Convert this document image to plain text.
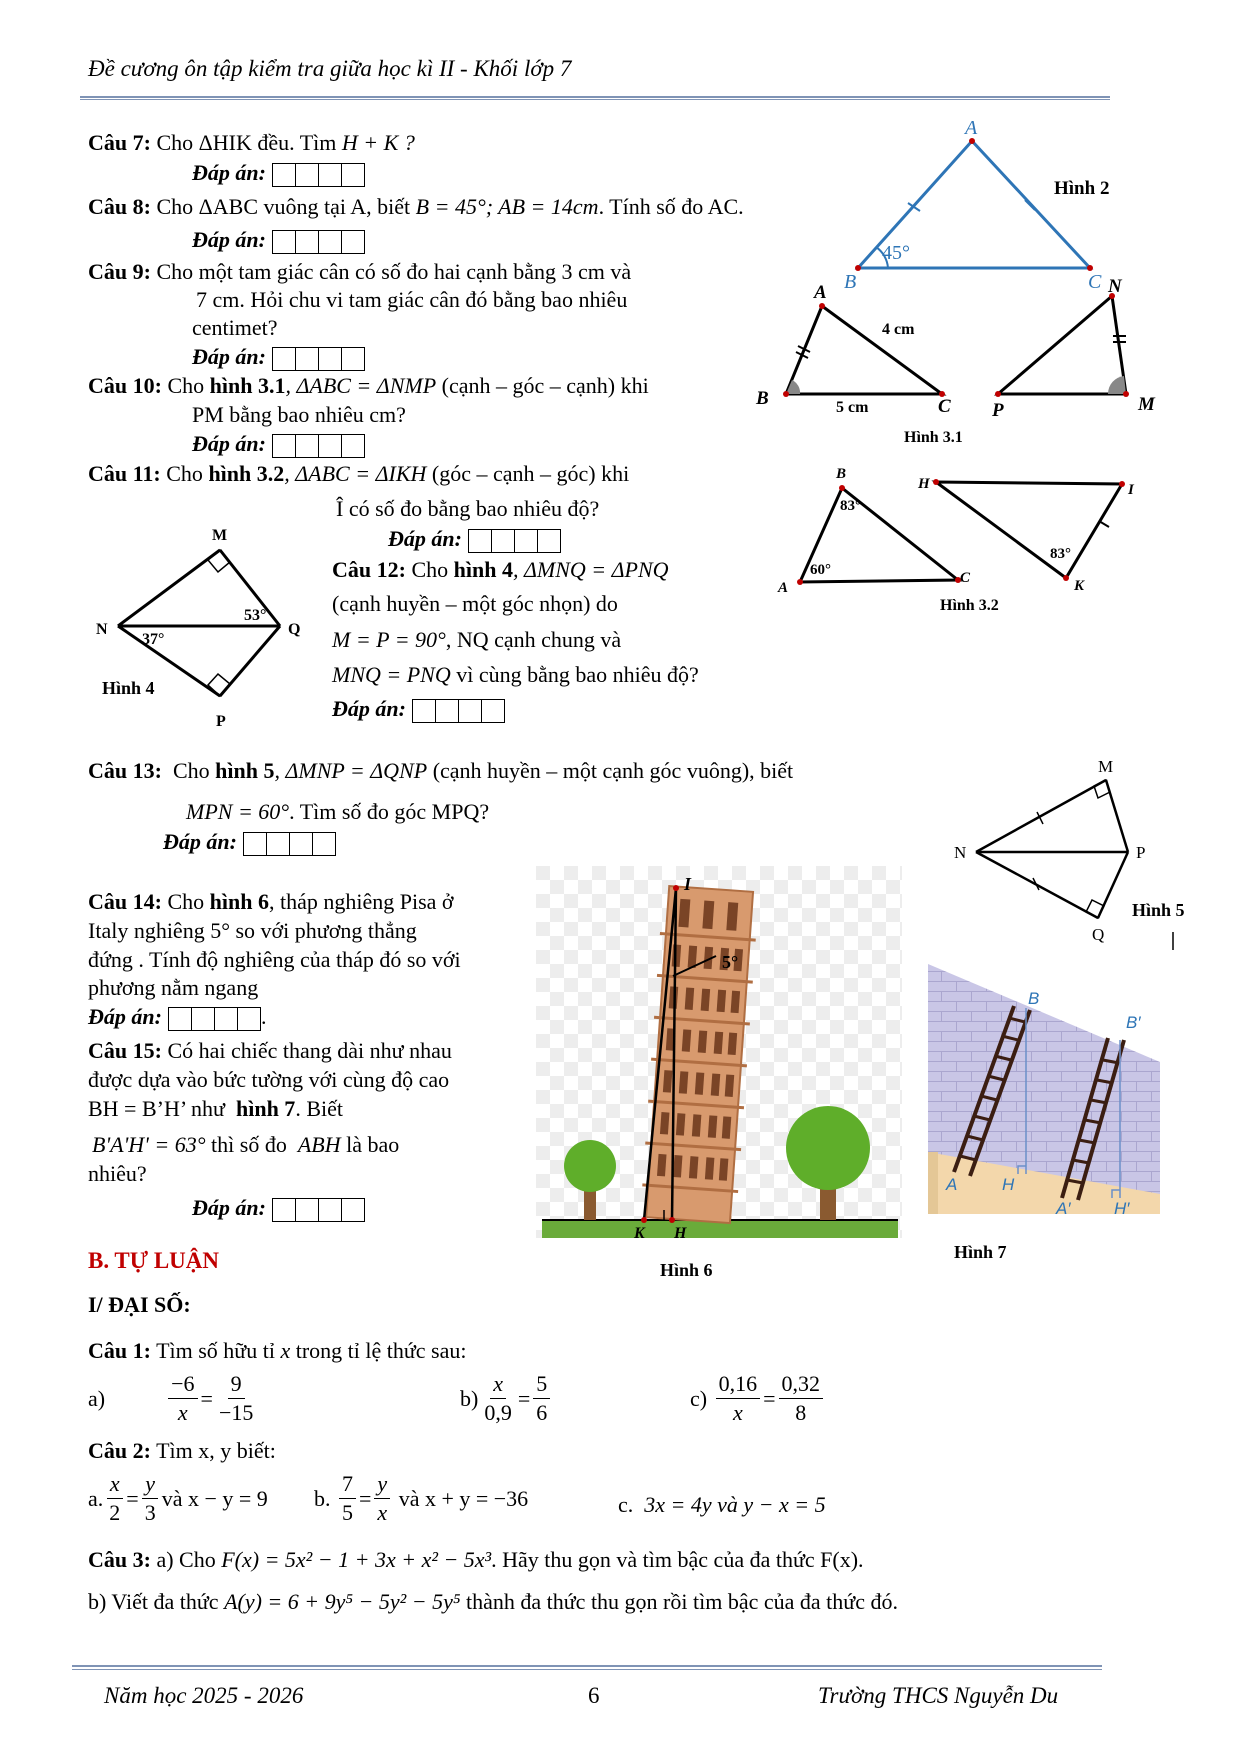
Đề cương ôn tập kiểm tra giữa học kì II - Khối lớp 7
Câu 7: Cho ΔHIK đều. Tìm H + K ?
Đáp án:
Câu 8: Cho ΔABC vuông tại A, biết B = 45°; AB = 14cm. Tính số đo AC.
Đáp án:
Câu 9: Cho một tam giác cân có số đo hai cạnh bằng 3 cm và
7 cm. Hỏi chu vi tam giác cân đó bằng bao nhiêu
centimet?
Đáp án:
Câu 10: Cho hình 3.1, ΔABC = ΔNMP (cạnh – góc – cạnh) khi
PM bằng bao nhiêu cm?
Đáp án:
Câu 11: Cho hình 3.2, ΔABC = ΔIKH (góc – cạnh – góc) khi
Î có số đo bằng bao nhiêu độ?
Đáp án:
Câu 12: Cho hình 4, ΔMNQ = ΔPNQ
(cạnh huyền – một góc nhọn) do
M = P = 90°, NQ cạnh chung và
MNQ = PNQ vì cùng bằng bao nhiêu độ?
Đáp án:
Câu 13: Cho hình 5, ΔMNP = ΔQNP (cạnh huyền – một cạnh góc vuông), biết
MPN = 60°. Tìm số đo góc MPQ?
Đáp án:
Câu 14: Cho hình 6, tháp nghiêng Pisa ở
Italy nghiêng 5° so với phương thẳng
đứng . Tính độ nghiêng của tháp đó so với
phương nằm ngang
Đáp án:	.
Câu 15: Có hai chiếc thang dài như nhau
được dựa vào bức tường với cùng độ cao
BH = B’H’ như hình 7. Biết
B'A'H' = 63° thì số đo ABH là bao
nhiêu?
Đáp án:
B. TỰ LUẬN
I/ ĐẠI SỐ:
Câu 1: Tìm số hữu tỉ x trong tỉ lệ thức sau:
a)	$\frac{-6}{x} = \frac{9}{-15}$	$b) \frac{x}{0,9} = \frac{5}{6}$	c)
$\frac{0,16}{x} = \frac{0,32}{8}$
Câu 2: Tìm x, y biết:
a. $\frac{x}{2} = \frac{y}{3}$ và x − y = 9 b.
$\frac{7}{5} = \frac{y}{x}$
và x + y = −36	c. 3x = 4y và y − x = 5
Câu 3: a) Cho F(x) = 5x² − 1 + 3x + x² − 5x³. Hãy thu gọn và tìm bậc của đa thức F(x).
b) Viết đa thức A(y) = 6 + 9y⁵ − 5y² − 5y⁵ thành đa thức thu gọn rồi tìm bậc của đa thức đó.
A
B	C
45°
Hình 2
A
B	C
N
M
P
4 cm
5 cm
Hình 3.1
B
A
C
H	I
K
83°
60°
83°
Hình 3.2
M
N	Q
P
53°
37°
Hình 4
M
N	P
Q
Hình 5
I
5°
K H
Hình 6
B
A	H
B′
A′	H′
Hình 7
Năm học 2025 - 2026	6	Trường THCS Nguyễn Du
